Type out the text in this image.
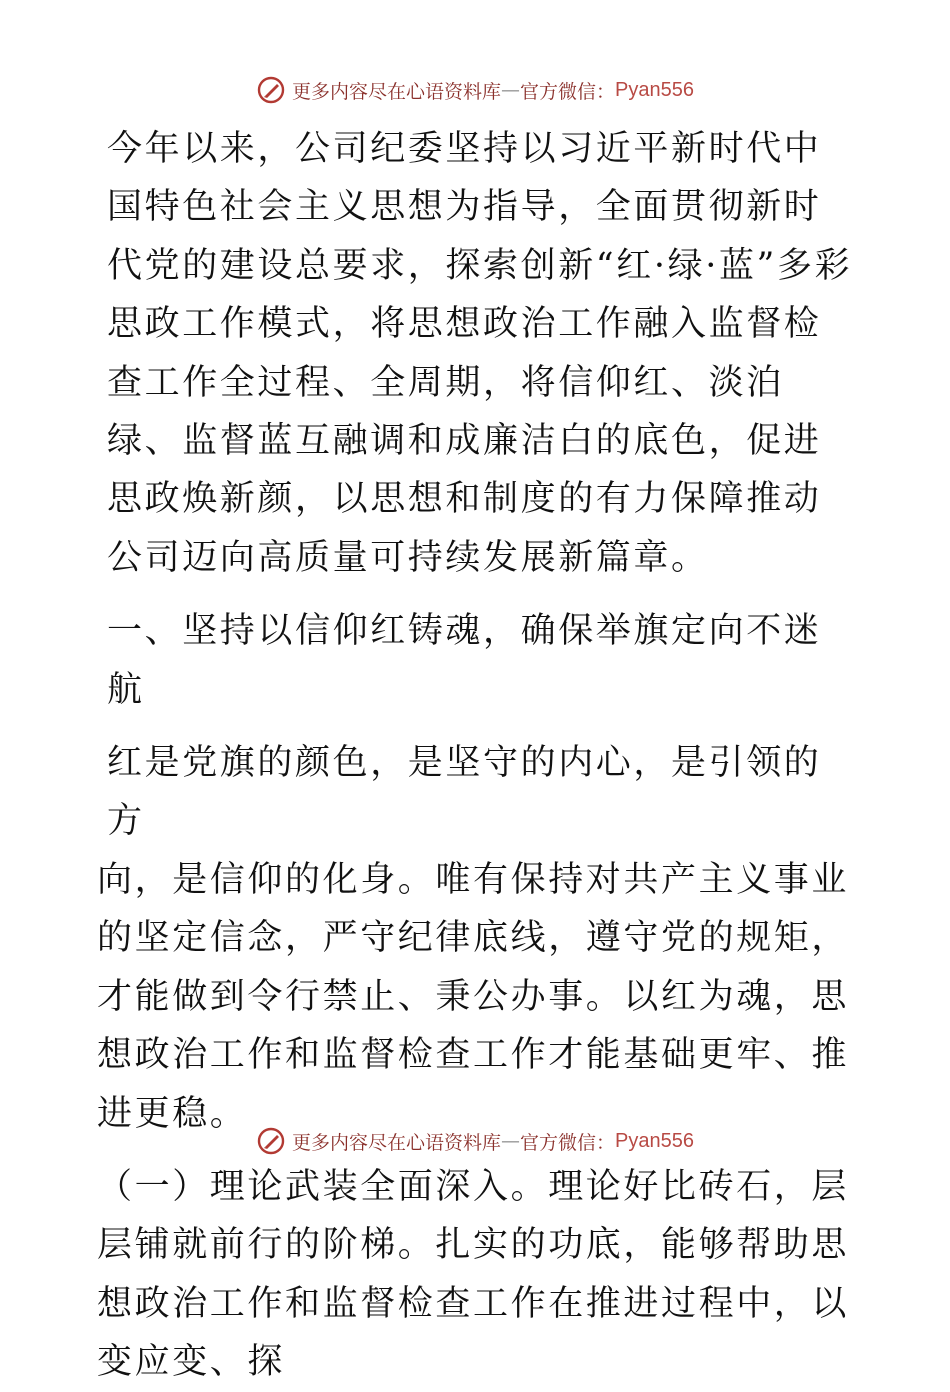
更多内容尽在心语资料库 — 官方微信： Pyan556

今年以来，公司纪委坚持以习近平新时代中国特色社会主义思想为指导，全面贯彻新时代党的建设总要求，探索创新“红·绿·蓝”多彩思政工作模式，将思想政治工作融入监督检查工作全过程、全周期，将信仰红、淡泊绿、监督蓝互融调和成廉洁白的底色，促进思政焕新颜，以思想和制度的有力保障推动公司迈向高质量可持续发展新篇章。

一、坚持以信仰红铸魂，确保举旗定向不迷航

红是党旗的颜色，是坚守的内心，是引领的方

向，是信仰的化身。唯有保持对共产主义事业的坚定信念，严守纪律底线，遵守党的规矩，才能做到令行禁止、秉公办事。以红为魂，思想政治工作和监督检查工作才能基础更牢、推进更稳。

（一）理论武装全面深入。理论好比砖石，层层铺就前行的阶梯。扎实的功底，能够帮助思想政治工作和监督检查工作在推进过程中，以变应变、探

更多内容尽在心语资料库 — 官方微信： Pyan556
